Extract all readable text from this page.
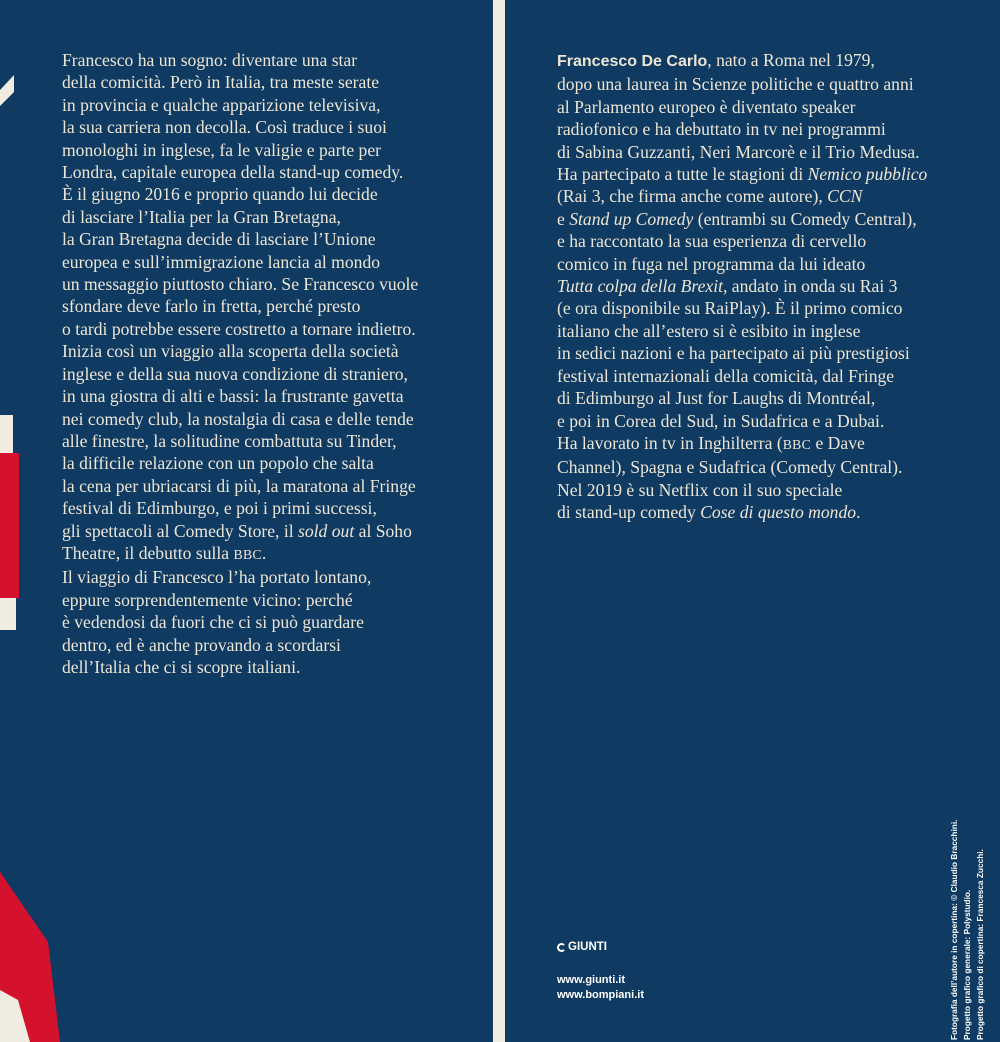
Francesco ha un sogno: diventare una star
della comicità. Però in Italia, tra meste serate
in provincia e qualche apparizione televisiva,
la sua carriera non decolla. Così traduce i suoi
monologhi in inglese, fa le valigie e parte per
Londra, capitale europea della stand-up comedy.
È il giugno 2016 e proprio quando lui decide
di lasciare l’Italia per la Gran Bretagna,
la Gran Bretagna decide di lasciare l’Unione
europea e sull’immigrazione lancia al mondo
un messaggio piuttosto chiaro. Se Francesco vuole
sfondare deve farlo in fretta, perché presto
o tardi potrebbe essere costretto a tornare indietro.
Inizia così un viaggio alla scoperta della società
inglese e della sua nuova condizione di straniero,
in una giostra di alti e bassi: la frustrante gavetta
nei comedy club, la nostalgia di casa e delle tende
alle finestre, la solitudine combattuta su Tinder,
la difficile relazione con un popolo che salta
la cena per ubriacarsi di più, la maratona al Fringe
festival di Edimburgo, e poi i primi successi,
gli spettacoli al Comedy Store, il sold out al Soho
Theatre, il debutto sulla BBC.
Il viaggio di Francesco l’ha portato lontano,
eppure sorprendentemente vicino: perché
è vedendosi da fuori che ci si può guardare
dentro, ed è anche provando a scordarsi
dell’Italia che ci si scopre italiani.
Francesco De Carlo, nato a Roma nel 1979,
dopo una laurea in Scienze politiche e quattro anni
al Parlamento europeo è diventato speaker
radiofonico e ha debuttato in tv nei programmi
di Sabina Guzzanti, Neri Marcorè e il Trio Medusa.
Ha partecipato a tutte le stagioni di Nemico pubblico
(Rai 3, che firma anche come autore), CCN
e Stand up Comedy (entrambi su Comedy Central),
e ha raccontato la sua esperienza di cervello
comico in fuga nel programma da lui ideato
Tutta colpa della Brexit, andato in onda su Rai 3
(e ora disponibile su RaiPlay). È il primo comico
italiano che all’estero si è esibito in inglese
in sedici nazioni e ha partecipato ai più prestigiosi
festival internazionali della comicità, dal Fringe
di Edimburgo al Just for Laughs di Montréal,
e poi in Corea del Sud, in Sudafrica e a Dubai.
Ha lavorato in tv in Inghilterra (BBC e Dave
Channel), Spagna e Sudafrica (Comedy Central).
Nel 2019 è su Netflix con il suo speciale
di stand-up comedy Cose di questo mondo.
GIUNTI
www.giunti.it
www.bompiani.it	Fotografia dell’autore in copertina: © Claudio Bracchini. Progetto grafico generale: Polystudio. Progetto grafico di copertina: Francesca Zucchi.
